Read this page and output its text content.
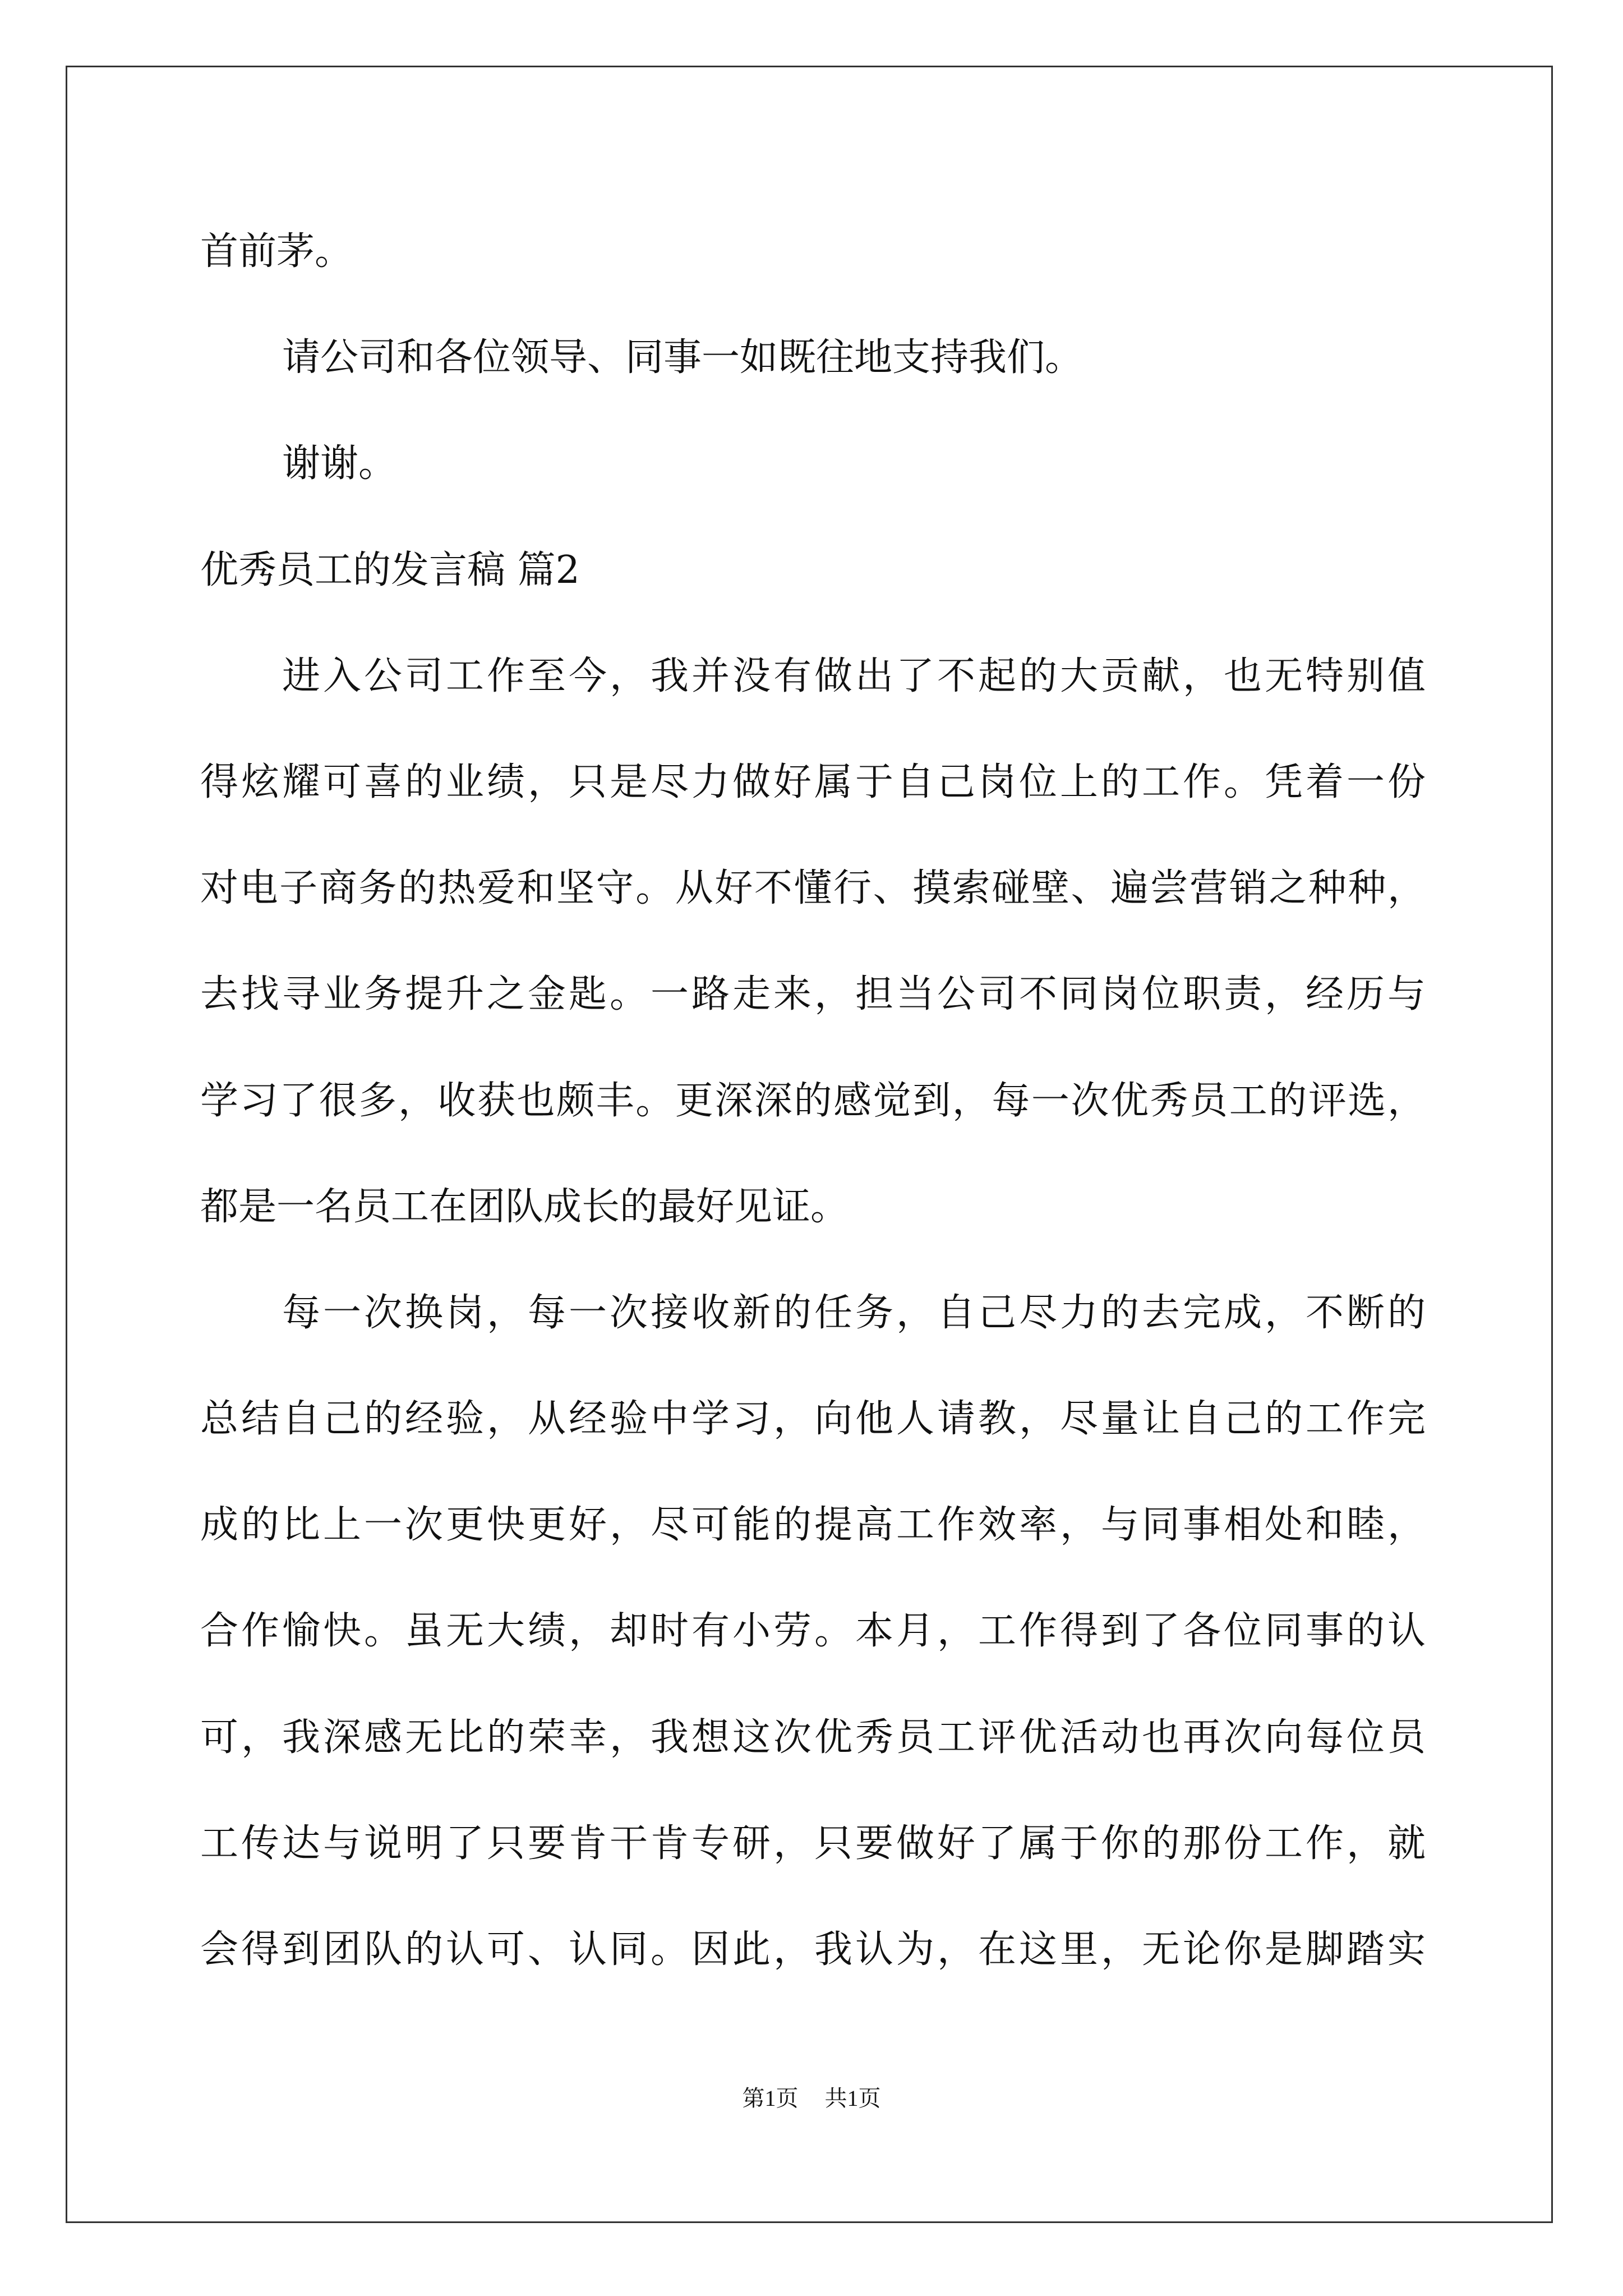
首前茅。
请公司和各位领导、同事一如既往地支持我们。
谢谢。
优秀员工的发言稿 篇2
进入公司工作至今，我并没有做出了不起的大贡献，也无特别值
得炫耀可喜的业绩，只是尽力做好属于自己岗位上的工作。凭着一份
对电子商务的热爱和坚守。从好不懂行、摸索碰壁、遍尝营销之种种，
去找寻业务提升之金匙。一路走来，担当公司不同岗位职责，经历与
学习了很多，收获也颇丰。更深深的感觉到，每一次优秀员工的评选，
都是一名员工在团队成长的最好见证。
每一次换岗，每一次接收新的任务，自己尽力的去完成，不断的
总结自己的经验，从经验中学习，向他人请教，尽量让自己的工作完
成的比上一次更快更好，尽可能的提高工作效率，与同事相处和睦，
合作愉快。虽无大绩，却时有小劳。本月，工作得到了各位同事的认
可，我深感无比的荣幸，我想这次优秀员工评优活动也再次向每位员
工传达与说明了只要肯干肯专研，只要做好了属于你的那份工作，就
会得到团队的认可、认同。因此，我认为，在这里，无论你是脚踏实
第1页 共1页
